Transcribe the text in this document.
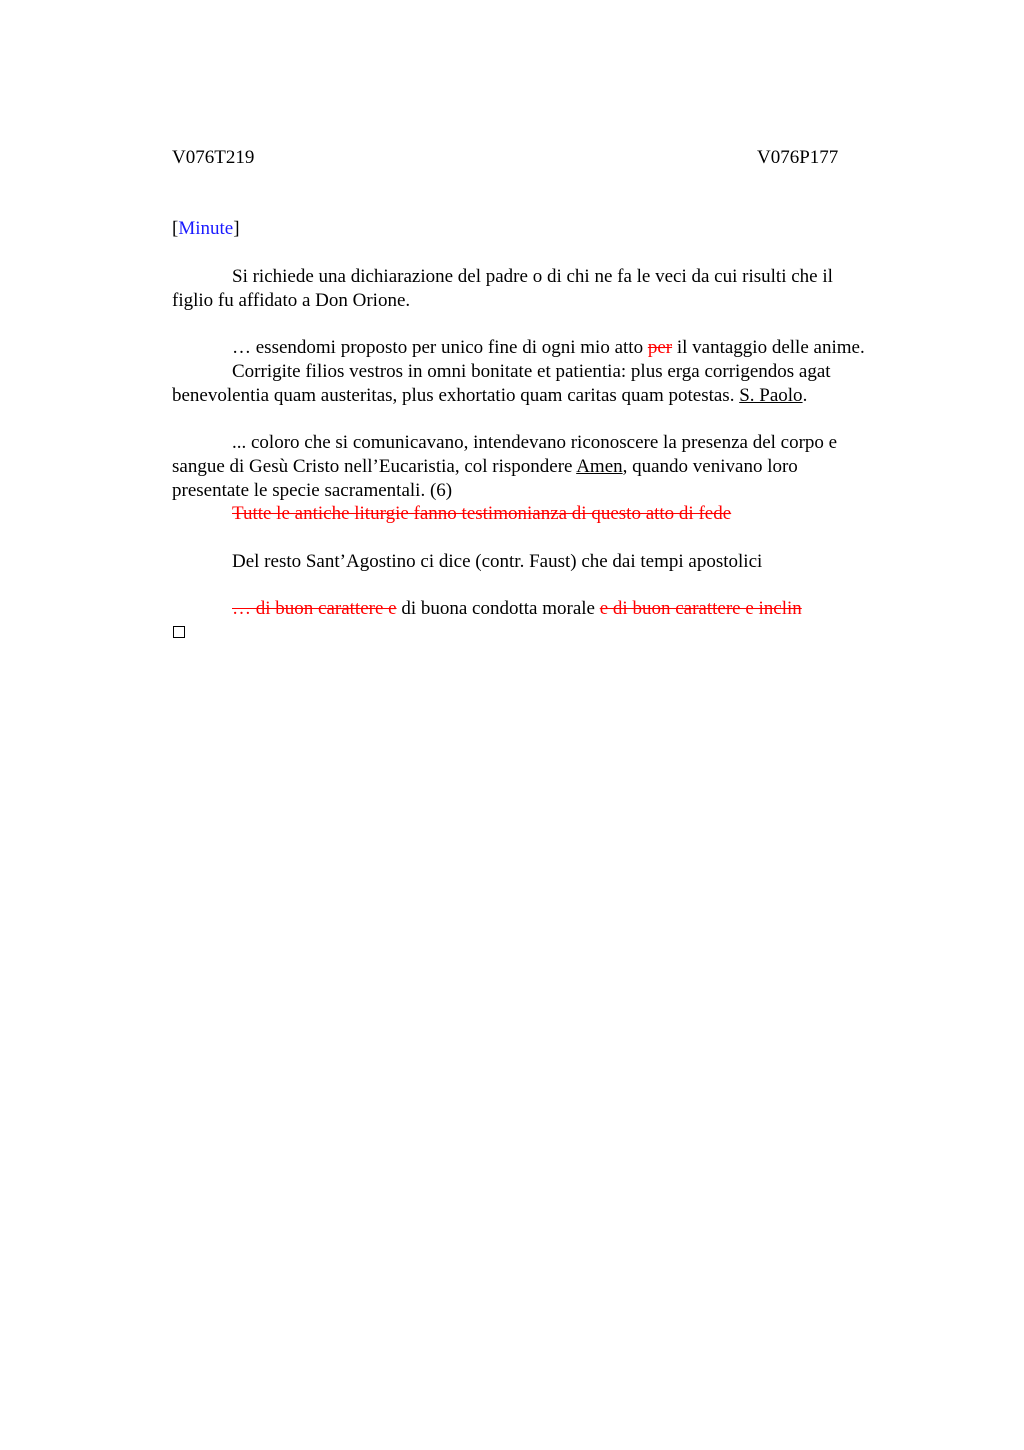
V076T219	V076P177
[Minute]
Si richiede una dichiarazione del padre o di chi ne fa le veci da cui risulti che il
figlio fu affidato a Don Orione.
… essendomi proposto per unico fine di ogni mio atto per il vantaggio delle anime.
Corrigite filios vestros in omni bonitate et patientia: plus erga corrigendos agat
benevolentia quam austeritas, plus exhortatio quam caritas quam potestas. S. Paolo.
... coloro che si comunicavano, intendevano riconoscere la presenza del corpo e
sangue di Gesù Cristo nell’Eucaristia, col rispondere Amen, quando venivano loro
presentate le specie sacramentali. (6)
Tutte le antiche liturgie fanno testimonianza di questo atto di fede
Del resto Sant’Agostino ci dice (contr. Faust) che dai tempi apostolici
… di buon carattere e di buona condotta morale e di buon carattere e inclin
